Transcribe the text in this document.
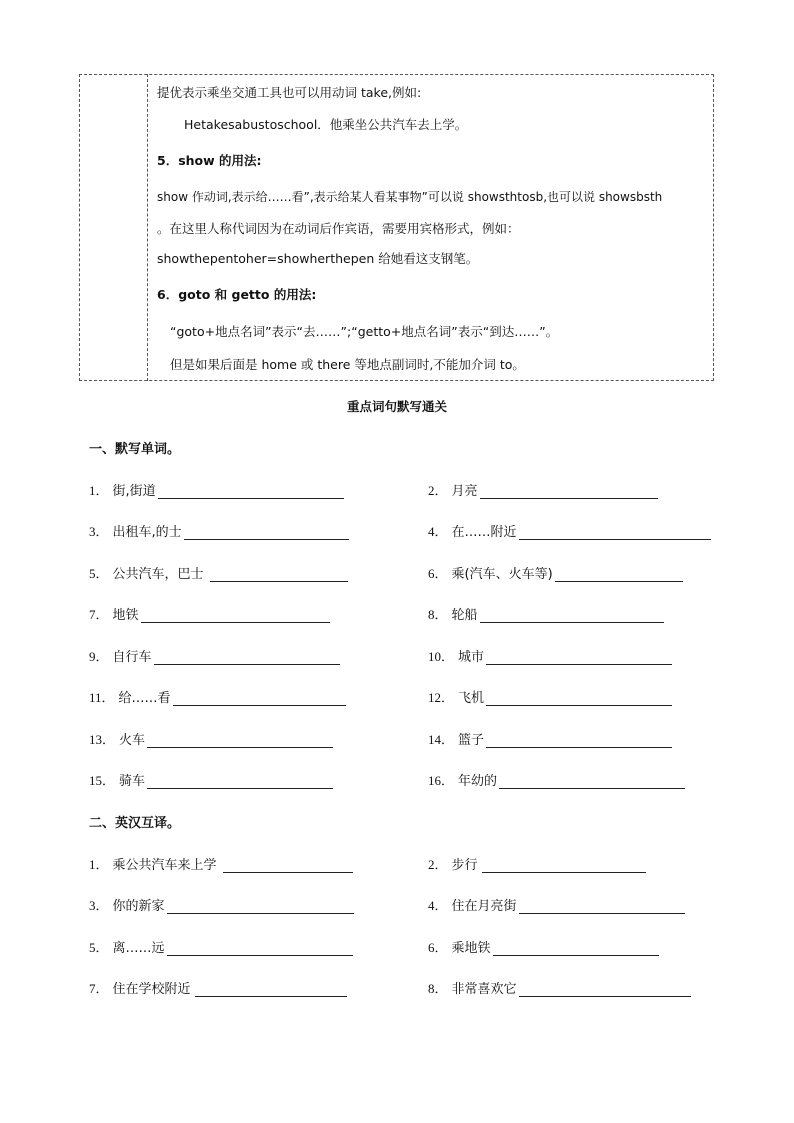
提优表示乘坐交通工具也可以用动词 take,例如:
Hetakesabustoschool．他乘坐公共汽车去上学。
5．show 的用法:
show 作动词,表示给……看”,表示给某人看某事物”可以说 showsthtosb,也可以说 showsbsth
。在这里人称代词因为在动词后作宾语，需要用宾格形式，例如：
showthepentoher=showherthepen 给她看这支钢笔。
6．goto 和 getto 的用法:
“goto+地点名词”表示“去……”;“getto+地点名词”表示“到达……”。
但是如果后面是 home 或 there 等地点副词时,不能加介词 to。
重点词句默写通关
一、默写单词。
1． 街,街道	2． 月亮
3． 出租车,的士	4． 在……附近
5． 公共汽车，巴士	6． 乘(汽车、火车等)
7． 地铁	8． 轮船
9． 自行车	10． 城市
11． 给……看	12． 飞机
13． 火车	14． 篮子
15． 骑车	16． 年幼的
二、英汉互译。
1． 乘公共汽车来上学	2． 步行
3． 你的新家	4． 住在月亮街
5． 离……远	6． 乘地铁
7． 住在学校附近	8． 非常喜欢它
